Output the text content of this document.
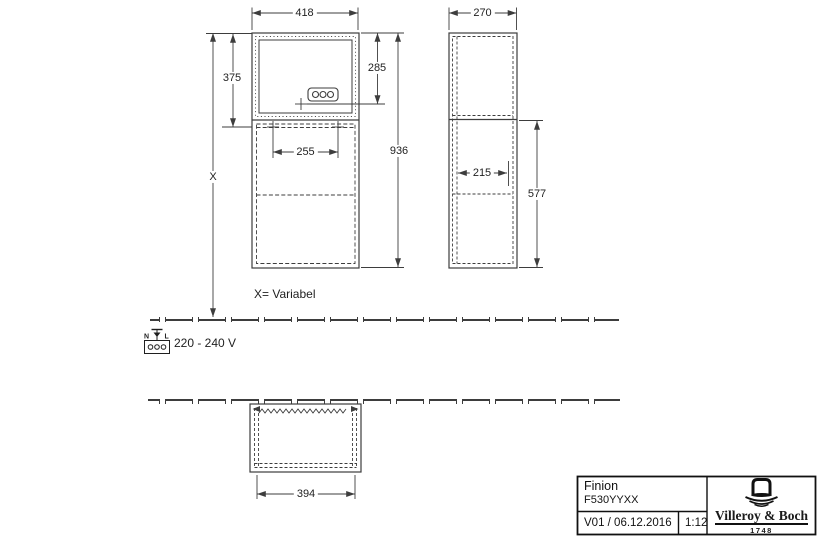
N L
418	270
375
285
936
255
X	215
577
394
X= Variabel
220 - 240 V
Finion
F530YYXX
V01 / 06.12.2016 1:12
Villeroy & Boch
1748
